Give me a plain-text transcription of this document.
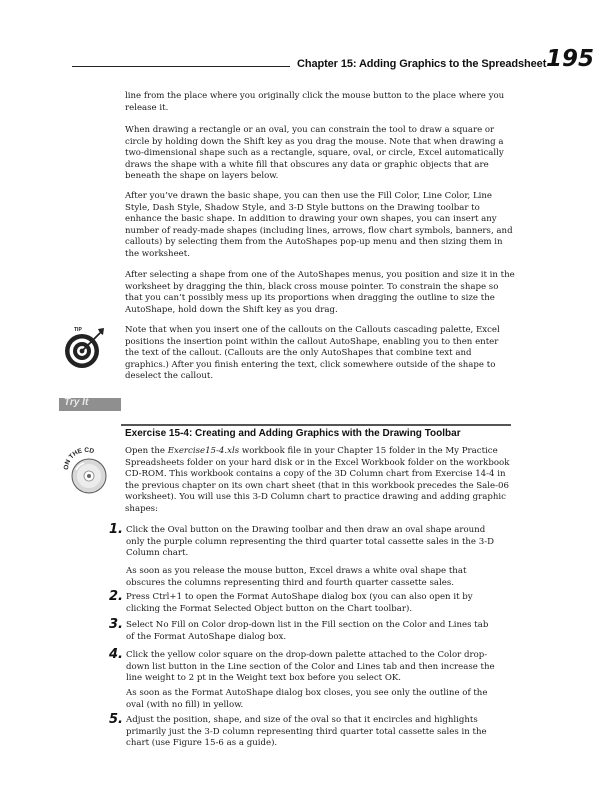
Chapter 15: Adding Graphics to the Spreadsheet 195

line from the place where you originally click the mouse button to the place where you release it.

When drawing a rectangle or an oval, you can constrain the tool to draw a square or circle by holding down the Shift key as you drag the mouse. Note that when drawing a two-dimensional shape such as a rectangle, square, oval, or circle, Excel automatically draws the shape with a white fill that obscures any data or graphic objects that are beneath the shape on layers below.

After you’ve drawn the basic shape, you can then use the Fill Color, Line Color, Line Style, Dash Style, Shadow Style, and 3-D Style buttons on the Drawing toolbar to enhance the basic shape. In addition to drawing your own shapes, you can insert any number of ready-made shapes (including lines, arrows, flow chart symbols, banners, and callouts) by selecting them from the AutoShapes pop-up menu and then sizing them in the worksheet.

After selecting a shape from one of the AutoShapes menus, you position and size it in the worksheet by dragging the thin, black cross mouse pointer. To constrain the shape so that you can’t possibly mess up its proportions when dragging the outline to size the AutoShape, hold down the Shift key as you drag.

TIP	Note that when you insert one of the callouts on the Callouts cascading palette, Excel positions the insertion point within the callout AutoShape, enabling you to then enter the text of the callout. (Callouts are the only AutoShapes that combine text and graphics.) After you finish entering the text, click somewhere outside of the shape to deselect the callout.

Try It
Exercise 15-4: Creating and Adding Graphics with the Drawing Toolbar
ON THE CD	Open the Exercise15-4.xls workbook file in your Chapter 15 folder in the My Practice Spreadsheets folder on your hard disk or in the Excel Workbook folder on the workbook CD-ROM. This workbook contains a copy of the 3D Column chart from Exercise 14-4 in the previous chapter on its own chart sheet (that in this workbook precedes the Sale-06 worksheet). You will use this 3-D Column chart to practice drawing and adding graphic shapes:

1. Click the Oval button on the Drawing toolbar and then draw an oval shape around only the purple column representing the third quarter total cassette sales in the 3-D Column chart.

As soon as you release the mouse button, Excel draws a white oval shape that obscures the columns representing third and fourth quarter cassette sales.

2. Press Ctrl+1 to open the Format AutoShape dialog box (you can also open it by clicking the Format Selected Object button on the Chart toolbar).

3. Select No Fill on Color drop-down list in the Fill section on the Color and Lines tab of the Format AutoShape dialog box.

4. Click the yellow color square on the drop-down palette attached to the Color drop-down list button in the Line section of the Color and Lines tab and then increase the line weight to 2 pt in the Weight text box before you select OK.

As soon as the Format AutoShape dialog box closes, you see only the outline of the oval (with no fill) in yellow.

5. Adjust the position, shape, and size of the oval so that it encircles and highlights primarily just the 3-D column representing third quarter total cassette sales in the chart (use Figure 15-6 as a guide).
